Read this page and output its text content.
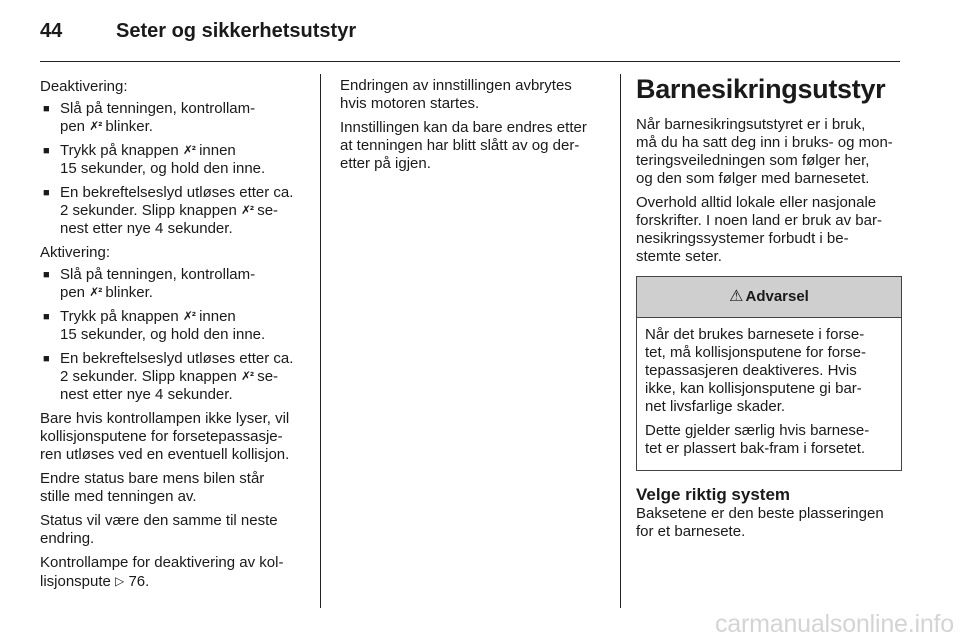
44	Seter og sikkerhetsutstyr

Deaktivering:

■ Slå på tenningen, kontrollam-
pen ✗² blinker.
■ Trykk på knappen ✗² innen
15 sekunder, og hold den inne.
■ En bekreftelseslyd utløses etter ca.
2 sekunder. Slipp knappen ✗² se-
nest etter nye 4 sekunder.

Aktivering:

■ Slå på tenningen, kontrollam-
pen ✗² blinker.
■ Trykk på knappen ✗² innen
15 sekunder, og hold den inne.
■ En bekreftelseslyd utløses etter ca.
2 sekunder. Slipp knappen ✗² se-
nest etter nye 4 sekunder.

Bare hvis kontrollampen ikke lyser, vil
kollisjonsputene for forsetepassasje-
ren utløses ved en eventuell kollisjon.

Endre status bare mens bilen står
stille med tenningen av.

Status vil være den samme til neste
endring.

Kontrollampe for deaktivering av kol-
lisjonspute ▷ 76.

Endringen av innstillingen avbrytes
hvis motoren startes.

Innstillingen kan da bare endres etter
at tenningen har blitt slått av og der-
etter på igjen.

Barnesikringsutstyr

Når barnesikringsutstyret er i bruk,
må du ha satt deg inn i bruks- og mon-
teringsveiledningen som følger her,
og den som følger med barnesetet.

Overhold alltid lokale eller nasjonale
forskrifter. I noen land er bruk av bar-
nesikringssystemer forbudt i be-
stemte seter.

⚠ Advarsel

Når det brukes barnesete i forse-
tet, må kollisjonsputene for forse-
tepassasjeren deaktiveres. Hvis
ikke, kan kollisjonsputene gi bar-
net livsfarlige skader.

Dette gjelder særlig hvis barnese-
tet er plassert bak-fram i forsetet.

Velge riktig system

Baksetene er den beste plasseringen
for et barnesete.

carmanualsonline.info
